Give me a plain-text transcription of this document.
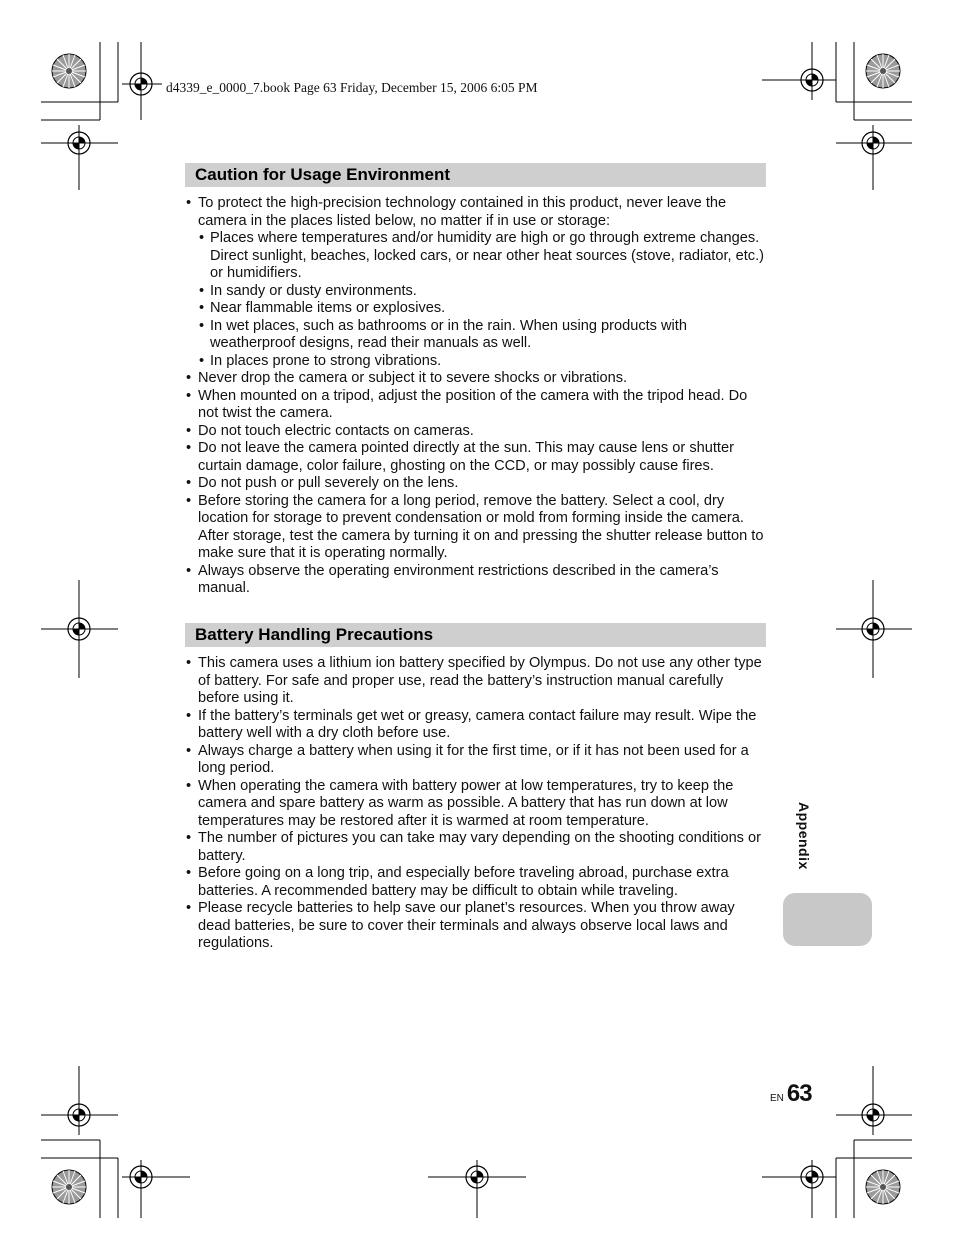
d4339_e_0000_7.book Page 63 Friday, December 15, 2006 6:05 PM
Caution for Usage Environment
• To protect the high-precision technology contained in this product, never leave the camera in the places listed below, no matter if in use or storage:
• Places where temperatures and/or humidity are high or go through extreme changes. Direct sunlight, beaches, locked cars, or near other heat sources (stove, radiator, etc.) or humidifiers.
• In sandy or dusty environments.
• Near flammable items or explosives.
• In wet places, such as bathrooms or in the rain. When using products with weatherproof designs, read their manuals as well.
• In places prone to strong vibrations.
• Never drop the camera or subject it to severe shocks or vibrations.
• When mounted on a tripod, adjust the position of the camera with the tripod head. Do not twist the camera.
• Do not touch electric contacts on cameras.
• Do not leave the camera pointed directly at the sun. This may cause lens or shutter curtain damage, color failure, ghosting on the CCD, or may possibly cause fires.
• Do not push or pull severely on the lens.
• Before storing the camera for a long period, remove the battery. Select a cool, dry location for storage to prevent condensation or mold from forming inside the camera. After storage, test the camera by turning it on and pressing the shutter release button to make sure that it is operating normally.
• Always observe the operating environment restrictions described in the camera’s manual.
Battery Handling Precautions
• This camera uses a lithium ion battery specified by Olympus. Do not use any other type of battery. For safe and proper use, read the battery’s instruction manual carefully before using it.
• If the battery’s terminals get wet or greasy, camera contact failure may result. Wipe the battery well with a dry cloth before use.
• Always charge a battery when using it for the first time, or if it has not been used for a long period.
• When operating the camera with battery power at low temperatures, try to keep the camera and spare battery as warm as possible. A battery that has run down at low temperatures may be restored after it is warmed at room temperature.
• The number of pictures you can take may vary depending on the shooting conditions or battery.
• Before going on a long trip, and especially before traveling abroad, purchase extra batteries. A recommended battery may be difficult to obtain while traveling.
• Please recycle batteries to help save our planet’s resources. When you throw away dead batteries, be sure to cover their terminals and always observe local laws and regulations.
Appendix
EN 63
